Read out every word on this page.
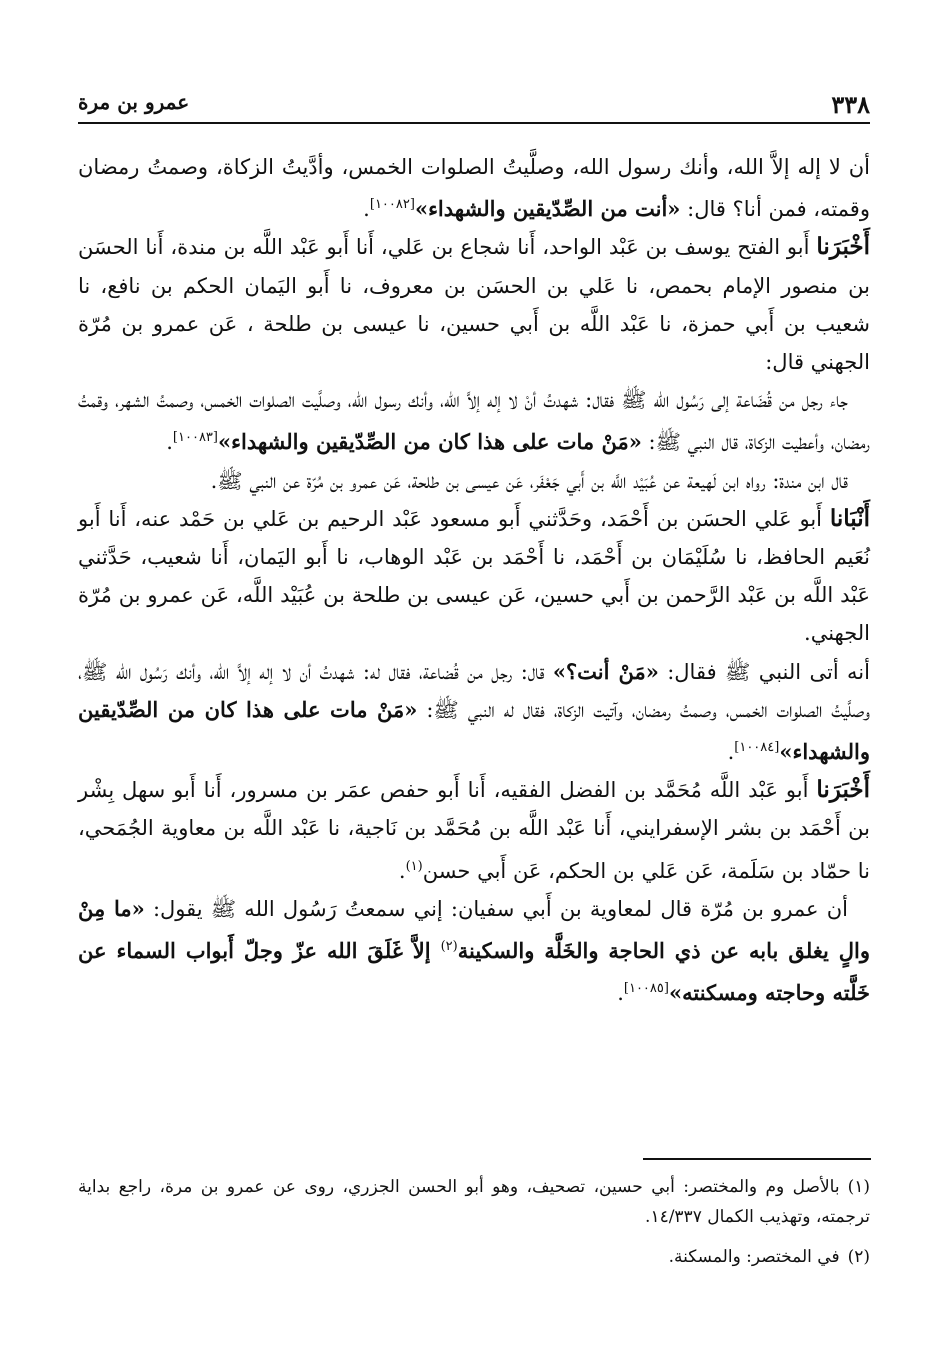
٣٣٨
عمرو بن مرة

أن لا إله إلاَّ الله، وأنك رسول الله، وصلَّيتُ الصلوات الخمس، وأدَّيتُ الزكاة، وصمتُ رمضان وقمته، فمن أنا؟ قال: «أنت من الصِّدّيقين والشهداء»[١٠٠٨٢].

أَخْبَرَنا أَبو الفتح يوسف بن عَبْد الواحد، أَنا شجاع بن عَلي، أَنا أَبو عَبْد اللَّه بن مندة، أَنا الحسَن بن منصور الإمام بحمص، نا عَلي بن الحسَن بن معروف، نا أَبو اليَمان الحكم بن نافع، نا شعيب بن أَبي حمزة، نا عَبْد اللَّه بن أَبي حسين، نا عيسى بن طلحة ، عَن عمرو بن مُرّة الجهني قال:

جاء رجل من قُضَاعة إلى رَسُول الله ﷺ فقال: شهدتُ أنْ لا إله إلاَّ الله، وأنك رسول الله، وصلَّيت الصلوات الخمس، وصمتُ الشهر، وقمتُ رمضان، وأعطيت الزكاة، قال النبي ﷺ: «مَنْ مات على هذا كان من الصِّدّيقين والشهداء»[١٠٠٨٣].

قال ابن مندة: رواه ابن لَهيعة عن عُبَيْد اللَّه بن أَبي جَعْفَر، عَن عيسى بن طلحة، عَن عمرو بن مُرّة عن النبي ﷺ.

أَنْبَانا أَبو عَلي الحسَن بن أَحْمَد، وحَدَّثني أَبو مسعود عَبْد الرحيم بن عَلي بن حَمْد عنه، أَنا أَبو نُعَيم الحافظ، نا سُلَيْمَان بن أَحْمَد، نا أَحْمَد بن عَبْد الوهاب، نا أَبو اليَمان، أَنا شعيب، حَدَّثني عَبْد اللَّه بن عَبْد الرَّحمن بن أَبي حسين، عَن عيسى بن طلحة بن عُبَيْد اللَّه، عَن عمرو بن مُرّة الجهني.

أنه أتى النبي ﷺ فقال: «مَنْ أنت؟» قال: رجل من قُضاعة، فقال له: شهدتُ أن لا إله إلاَّ الله، وأنك رَسُول الله ﷺ، وصلَّيتُ الصلوات الخمس، وصمتُ رمضان، وآتيت الزكاة، فقال له النبي ﷺ: «مَنْ مات على هذا كان من الصِّدّيقين والشهداء»[١٠٠٨٤].

أَخْبَرَنا أَبو عَبْد اللَّه مُحَمَّد بن الفضل الفقيه، أَنا أَبو حفص عمَر بن مسرور، أَنا أَبو سهل بِشْر بن أَحْمَد بن بشر الإسفرايني، أَنا عَبْد اللَّه بن مُحَمَّد بن نَاجية، نا عَبْد اللَّه بن معاوية الجُمَحي، نا حمّاد بن سَلَمة، عَن عَلي بن الحكم، عَن أَبي حسن$^{(١)}$.

أن عمرو بن مُرّة قال لمعاوية بن أَبي سفيان: إني سمعتُ رَسُول الله ﷺ يقول: «ما مِنْ والٍ يغلق بابه عن ذي الحاجة والخَلَّة والسكينة$^{(٢)}$ إلاَّ غَلَقَ الله عزّ وجلّ أَبواب السماء عن خَلَّته وحاجته ومسكنته»[١٠٠٨٥].

(١)بالأصل وم والمختصر: أبي حسين، تصحيف، وهو أبو الحسن الجزري، روى عن عمرو بن مرة، راجع بداية ترجمته، وتهذيب الكمال ١٤/٣٣٧.

(٢)في المختصر: والمسكنة.
